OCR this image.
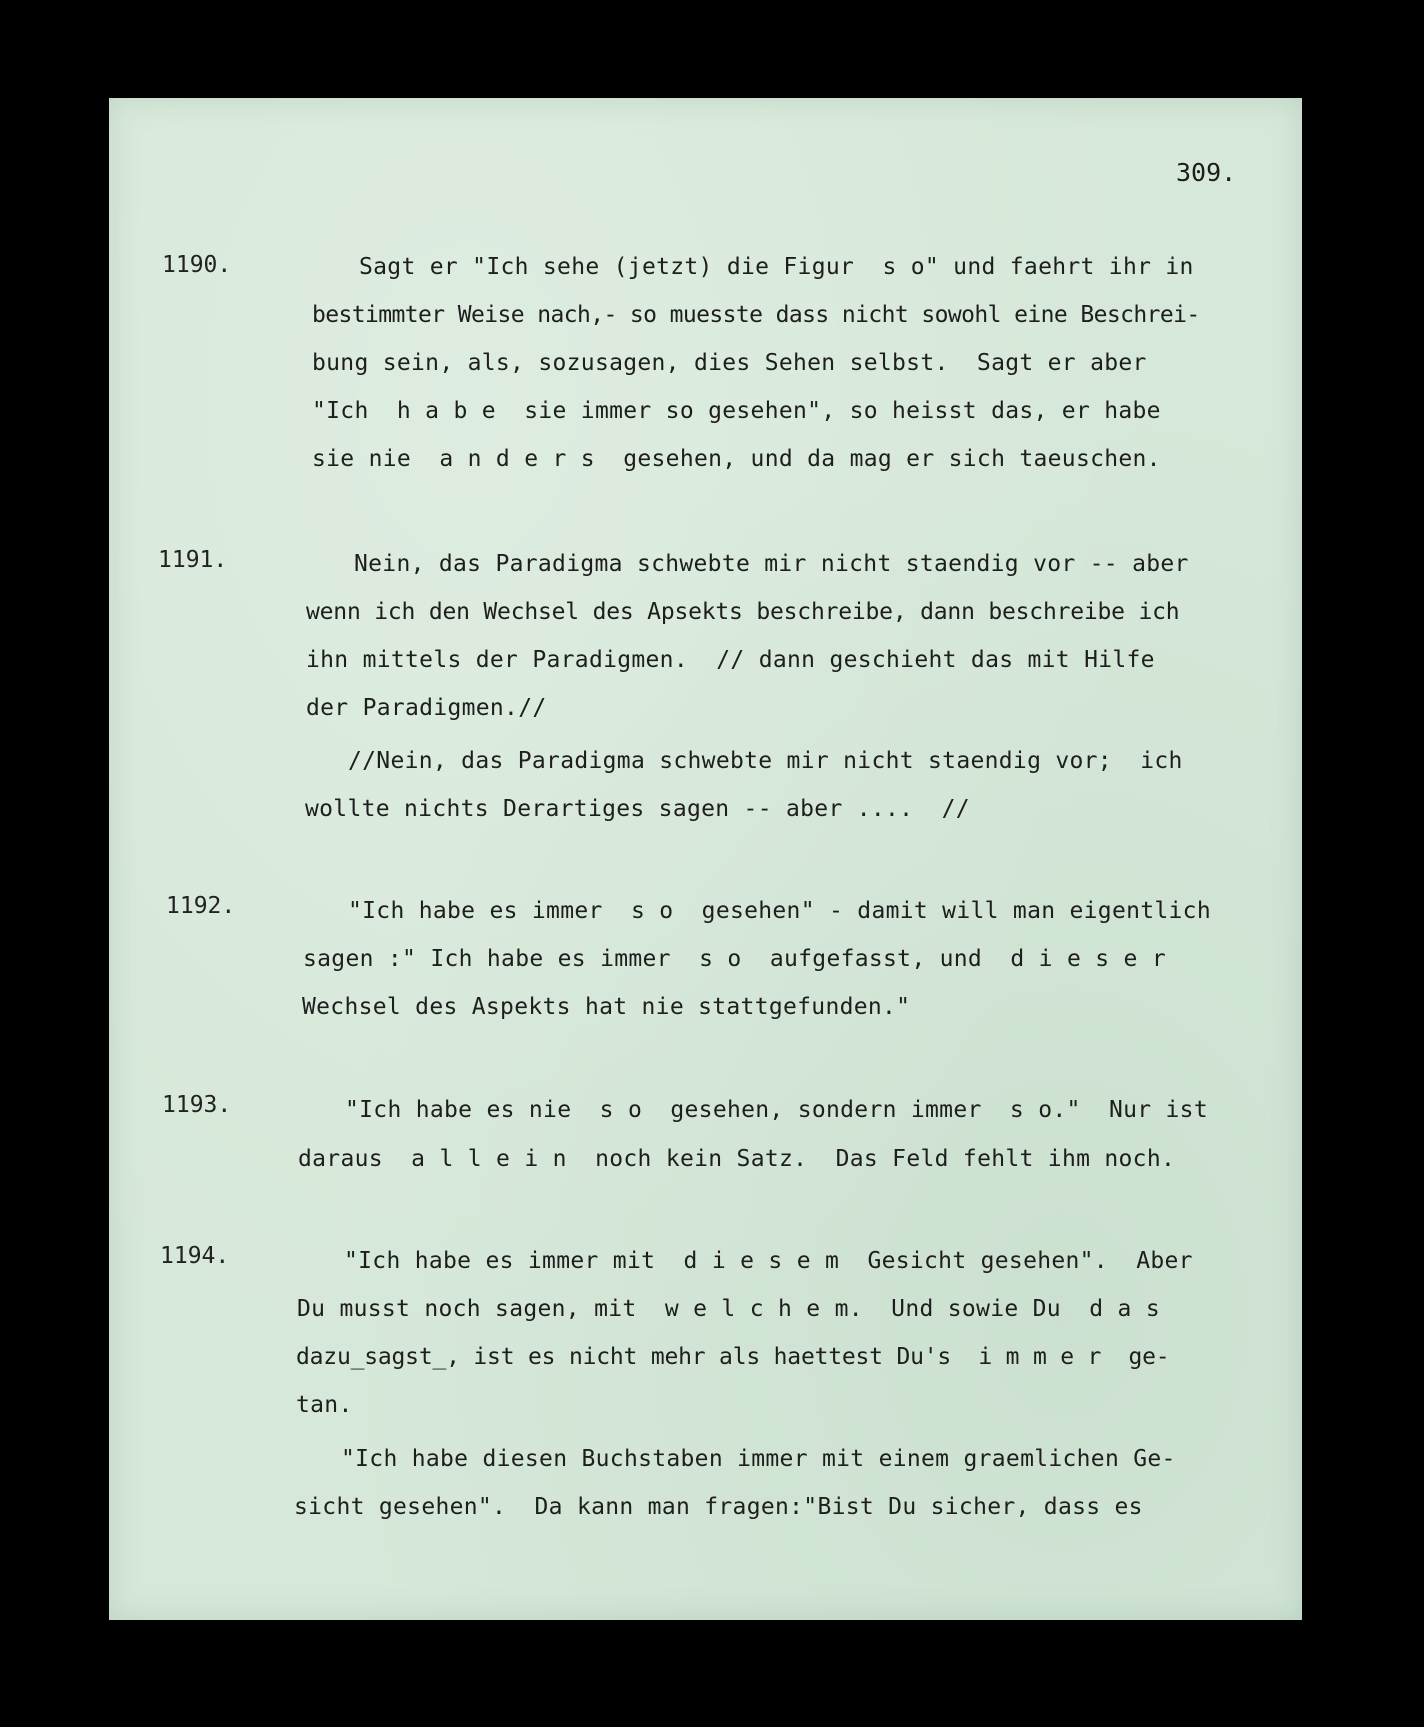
309.
1190.	Sagt er "Ich sehe (jetzt) die Figur  s o" und faehrt ihr in
bestimmter Weise nach,- so muesste dass nicht sowohl eine Beschrei-
bung sein, als, sozusagen, dies Sehen selbst.  Sagt er aber
"Ich  h a b e  sie immer so gesehen", so heisst das, er habe
sie nie  a n d e r s  gesehen, und da mag er sich taeuschen.
1191.	Nein, das Paradigma schwebte mir nicht staendig vor -- aber
wenn ich den Wechsel des Apsekts beschreibe, dann beschreibe ich
ihn mittels der Paradigmen.  // dann geschieht das mit Hilfe
der Paradigmen.//
//Nein, das Paradigma schwebte mir nicht staendig vor;  ich
wollte nichts Derartiges sagen -- aber ....  //
1192.	"Ich habe es immer  s o  gesehen" - damit will man eigentlich
sagen :" Ich habe es immer  s o  aufgefasst, und  d i e s e r
Wechsel des Aspekts hat nie stattgefunden."
1193.	"Ich habe es nie  s o  gesehen, sondern immer  s o."  Nur ist
daraus  a l l e i n  noch kein Satz.  Das Feld fehlt ihm noch.
1194.	"Ich habe es immer mit  d i e s e m  Gesicht gesehen".  Aber
Du musst noch sagen, mit  w e l c h e m.  Und sowie Du  d a s
dazu_sagst_, ist es nicht mehr als haettest Du's  i m m e r  ge-
tan.
"Ich habe diesen Buchstaben immer mit einem graemlichen Ge-
sicht gesehen".  Da kann man fragen:"Bist Du sicher, dass es
